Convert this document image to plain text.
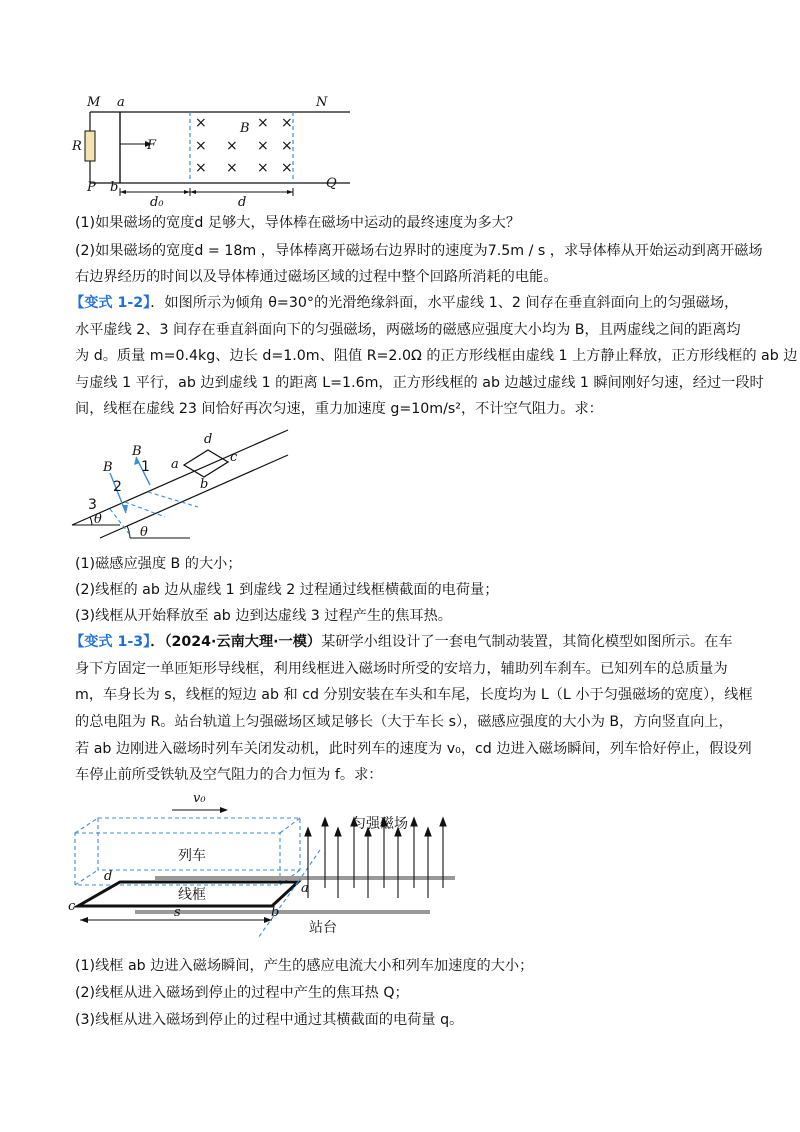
×	× ×
× × × ×
× × × ×
M a	N
R
B
F
P b	Q
d₀	d
(1)如果磁场的宽度d 足够大，导体棒在磁场中运动的最终速度为多大？
(2)如果磁场的宽度d = 18m ，导体棒离开磁场右边界时的速度为7.5m / s ，求导体棒从开始运动到离开磁场
右边界经历的时间以及导体棒通过磁场区域的过程中整个回路所消耗的电能。
【变式 1-2】．如图所示为倾角 θ=30°的光滑绝缘斜面，水平虚线 1、2 间存在垂直斜面向上的匀强磁场，
水平虚线 2、3 间存在垂直斜面向下的匀强磁场，两磁场的磁感应强度大小均为 B，且两虚线之间的距离均
为 d。质量 m=0.4kg、边长 d=1.0m、阻值 R=2.0Ω 的正方形线框由虚线 1 上方静止释放，正方形线框的 ab 边
与虚线 1 平行，ab 边到虚线 1 的距离 L=1.6m，正方形线框的 ab 边越过虚线 1 瞬间刚好匀速，经过一段时
间，线框在虚线 23 间恰好再次匀速，重力加速度 g=10m/s²，不计空气阻力。求：
d
c
a
b
B
B 1
2
3
θ
θ
(1)磁感应强度 B 的大小；
(2)线框的 ab 边从虚线 1 到虚线 2 过程通过线框横截面的电荷量；
(3)线框从开始释放至 ab 边到达虚线 3 过程产生的焦耳热。
【变式 1-3】．（2024·云南大理·一模）某研学小组设计了一套电气制动装置，其简化模型如图所示。在车
身下方固定一单匝矩形导线框，利用线框进入磁场时所受的安培力，辅助列车刹车。已知列车的总质量为
m，车身长为 s，线框的短边 ab 和 cd 分别安装在车头和车尾，长度均为 L（L 小于匀强磁场的宽度），线框
的总电阻为 R。站台轨道上匀强磁场区域足够长（大于车长 s），磁感应强度的大小为 B，方向竖直向上，
若 ab 边刚进入磁场时列车关闭发动机，此时列车的速度为 v₀，cd 边进入磁场瞬间，列车恰好停止，假设列
车停止前所受铁轨及空气阻力的合力恒为 f。求：
v₀
匀强磁场
列车
线框
站台
c
d
a
b
s
(1)线框 ab 边进入磁场瞬间，产生的感应电流大小和列车加速度的大小；
(2)线框从进入磁场到停止的过程中产生的焦耳热 Q；
(3)线框从进入磁场到停止的过程中通过其横截面的电荷量 q。
